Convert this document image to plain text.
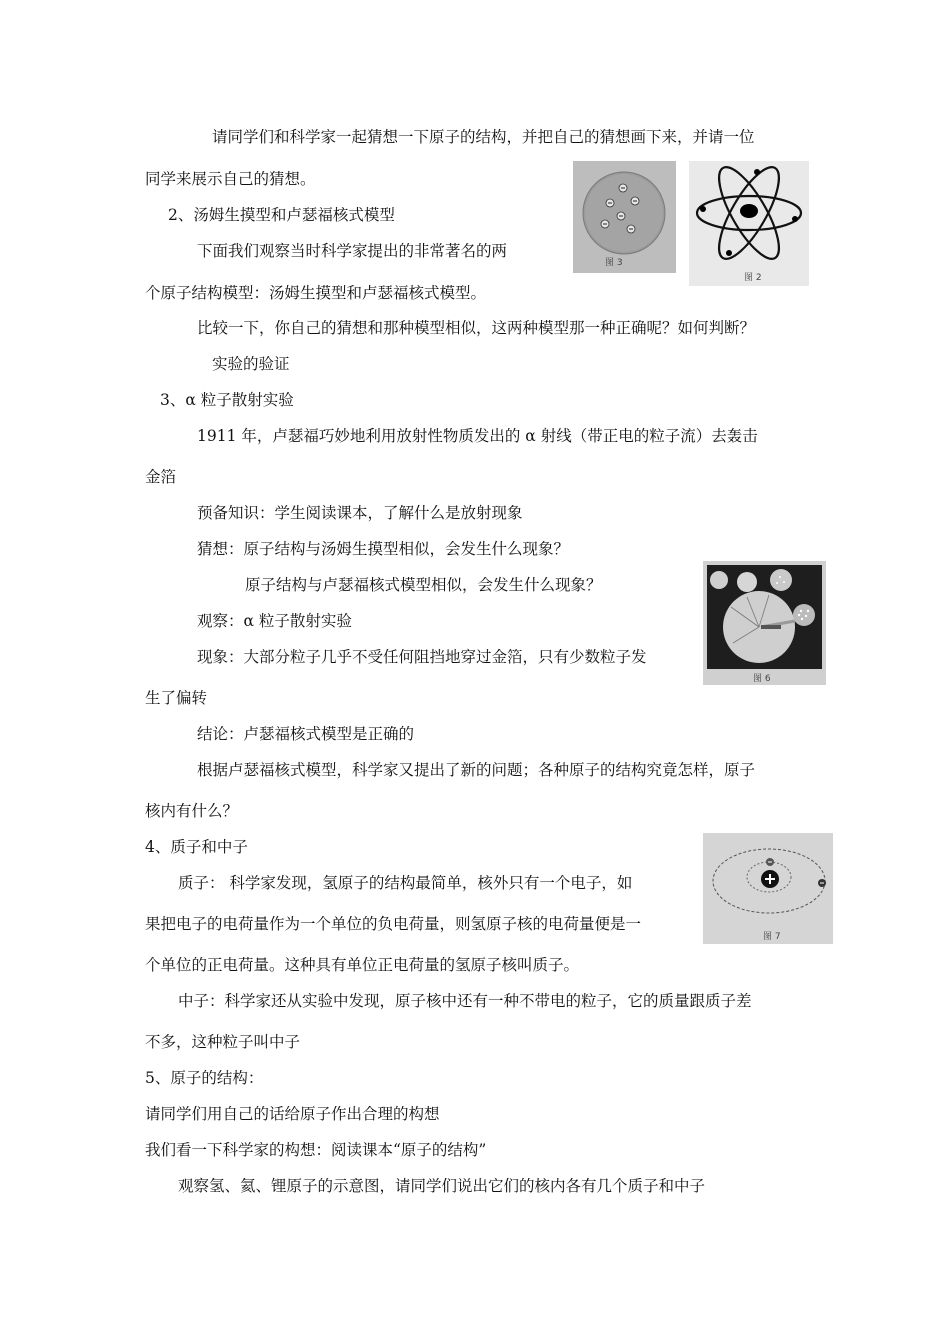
请同学们和科学家一起猜想一下原子的结构，并把自己的猜想画下来，并请一位
同学来展示自己的猜想。
2、汤姆生摸型和卢瑟福核式模型
下面我们观察当时科学家提出的非常著名的两
个原子结构模型：汤姆生摸型和卢瑟福核式模型。
比较一下，你自己的猜想和那种模型相似，这两种模型那一种正确呢？如何判断？
实验的验证
3、α 粒子散射实验
1911 年，卢瑟福巧妙地利用放射性物质发出的 α 射线（带正电的粒子流）去轰击
金箔
预备知识：学生阅读课本，了解什么是放射现象
猜想：原子结构与汤姆生摸型相似，会发生什么现象？
原子结构与卢瑟福核式模型相似，会发生什么现象？
观察：α 粒子散射实验
现象：大部分粒子几乎不受任何阻挡地穿过金箔，只有少数粒子发
生了偏转
结论：卢瑟福核式模型是正确的
根据卢瑟福核式模型，科学家又提出了新的问题；各种原子的结构究竟怎样，原子
核内有什么？
4、质子和中子
质子： 科学家发现，氢原子的结构最简单，核外只有一个电子，如
果把电子的电荷量作为一个单位的负电荷量，则氢原子核的电荷量便是一
个单位的正电荷量。这种具有单位正电荷量的氢原子核叫质子。
中子：科学家还从实验中发现，原子核中还有一种不带电的粒子，它的质量跟质子差
不多，这种粒子叫中子
5、原子的结构：
请同学们用自己的话给原子作出合理的构想
我们看一下科学家的构想：阅读课本“原子的结构”
观察氢、氦、锂原子的示意图，请同学们说出它们的核内各有几个质子和中子
图 3
图 2
图 6
图 7
